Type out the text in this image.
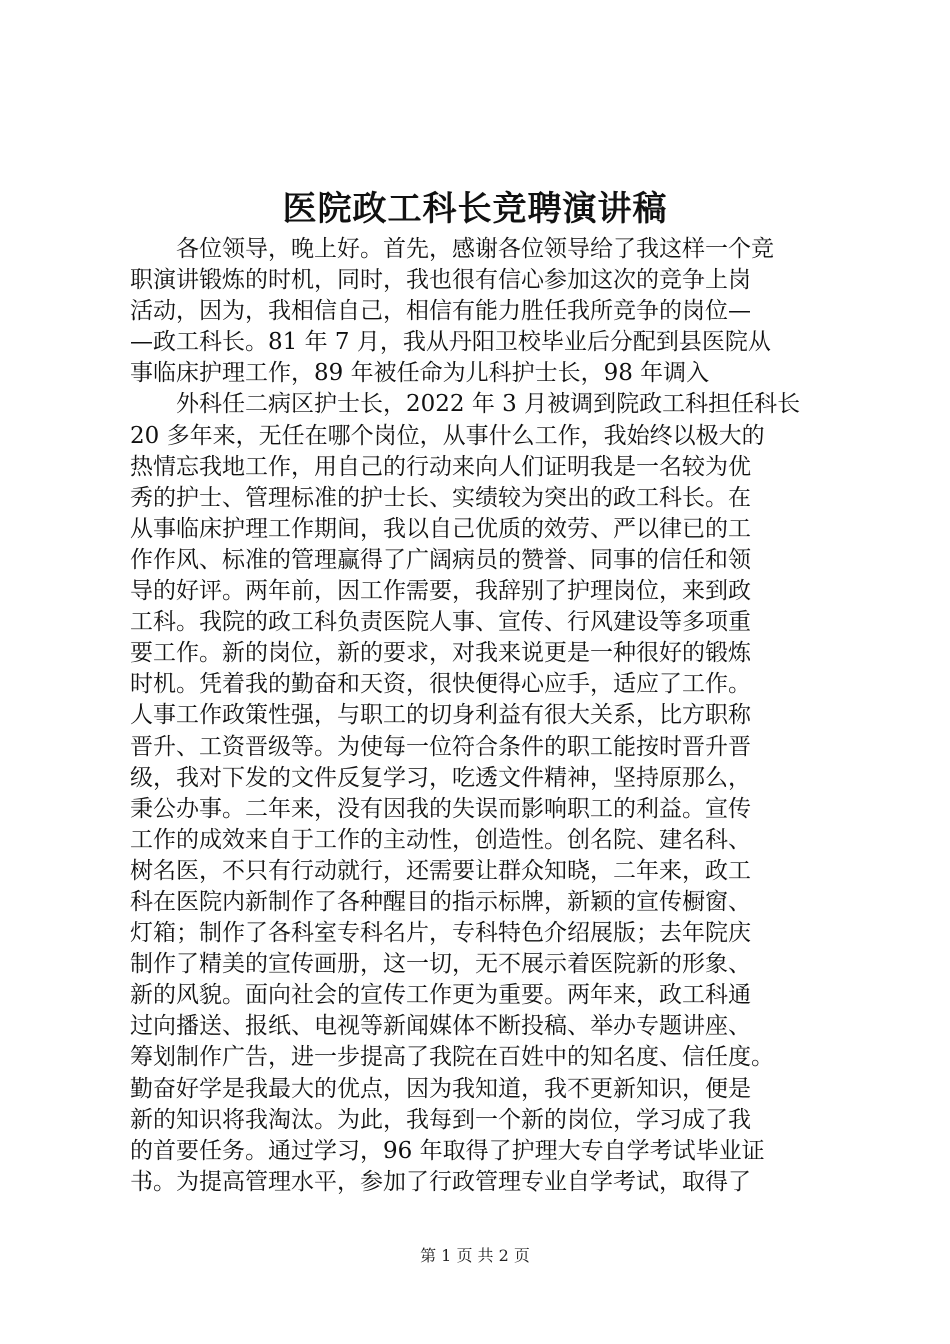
医院政工科长竞聘演讲稿
各位领导，晚上好。首先，感谢各位领导给了我这样一个竞
职演讲锻炼的时机，同时，我也很有信心参加这次的竞争上岗
活动，因为，我相信自己，相信有能力胜任我所竞争的岗位—
—政工科长。81 年 7 月，我从丹阳卫校毕业后分配到县医院从
事临床护理工作，89 年被任命为儿科护士长，98 年调入
外科任二病区护士长，2022 年 3 月被调到院政工科担任科长
20 多年来，无任在哪个岗位，从事什么工作，我始终以极大的
热情忘我地工作，用自己的行动来向人们证明我是一名较为优
秀的护士、管理标准的护士长、实绩较为突出的政工科长。在
从事临床护理工作期间，我以自己优质的效劳、严以律已的工
作作风、标准的管理赢得了广阔病员的赞誉、同事的信任和领
导的好评。两年前，因工作需要，我辞别了护理岗位，来到政
工科。我院的政工科负责医院人事、宣传、行风建设等多项重
要工作。新的岗位，新的要求，对我来说更是一种很好的锻炼
时机。凭着我的勤奋和天资，很快便得心应手，适应了工作。
人事工作政策性强，与职工的切身利益有很大关系，比方职称
晋升、工资晋级等。为使每一位符合条件的职工能按时晋升晋
级，我对下发的文件反复学习，吃透文件精神，坚持原那么，
秉公办事。二年来，没有因我的失误而影响职工的利益。宣传
工作的成效来自于工作的主动性，创造性。创名院、建名科、
树名医，不只有行动就行，还需要让群众知晓，二年来，政工
科在医院内新制作了各种醒目的指示标牌，新颖的宣传橱窗、
灯箱；制作了各科室专科名片，专科特色介绍展版；去年院庆
制作了精美的宣传画册，这一切，无不展示着医院新的形象、
新的风貌。面向社会的宣传工作更为重要。两年来，政工科通
过向播送、报纸、电视等新闻媒体不断投稿、举办专题讲座、
筹划制作广告，进一步提高了我院在百姓中的知名度、信任度。
勤奋好学是我最大的优点，因为我知道，我不更新知识，便是
新的知识将我淘汰。为此，我每到一个新的岗位，学习成了我
的首要任务。通过学习，96 年取得了护理大专自学考试毕业证
书。为提高管理水平，参加了行政管理专业自学考试，取得了
第 1 页 共 2 页
